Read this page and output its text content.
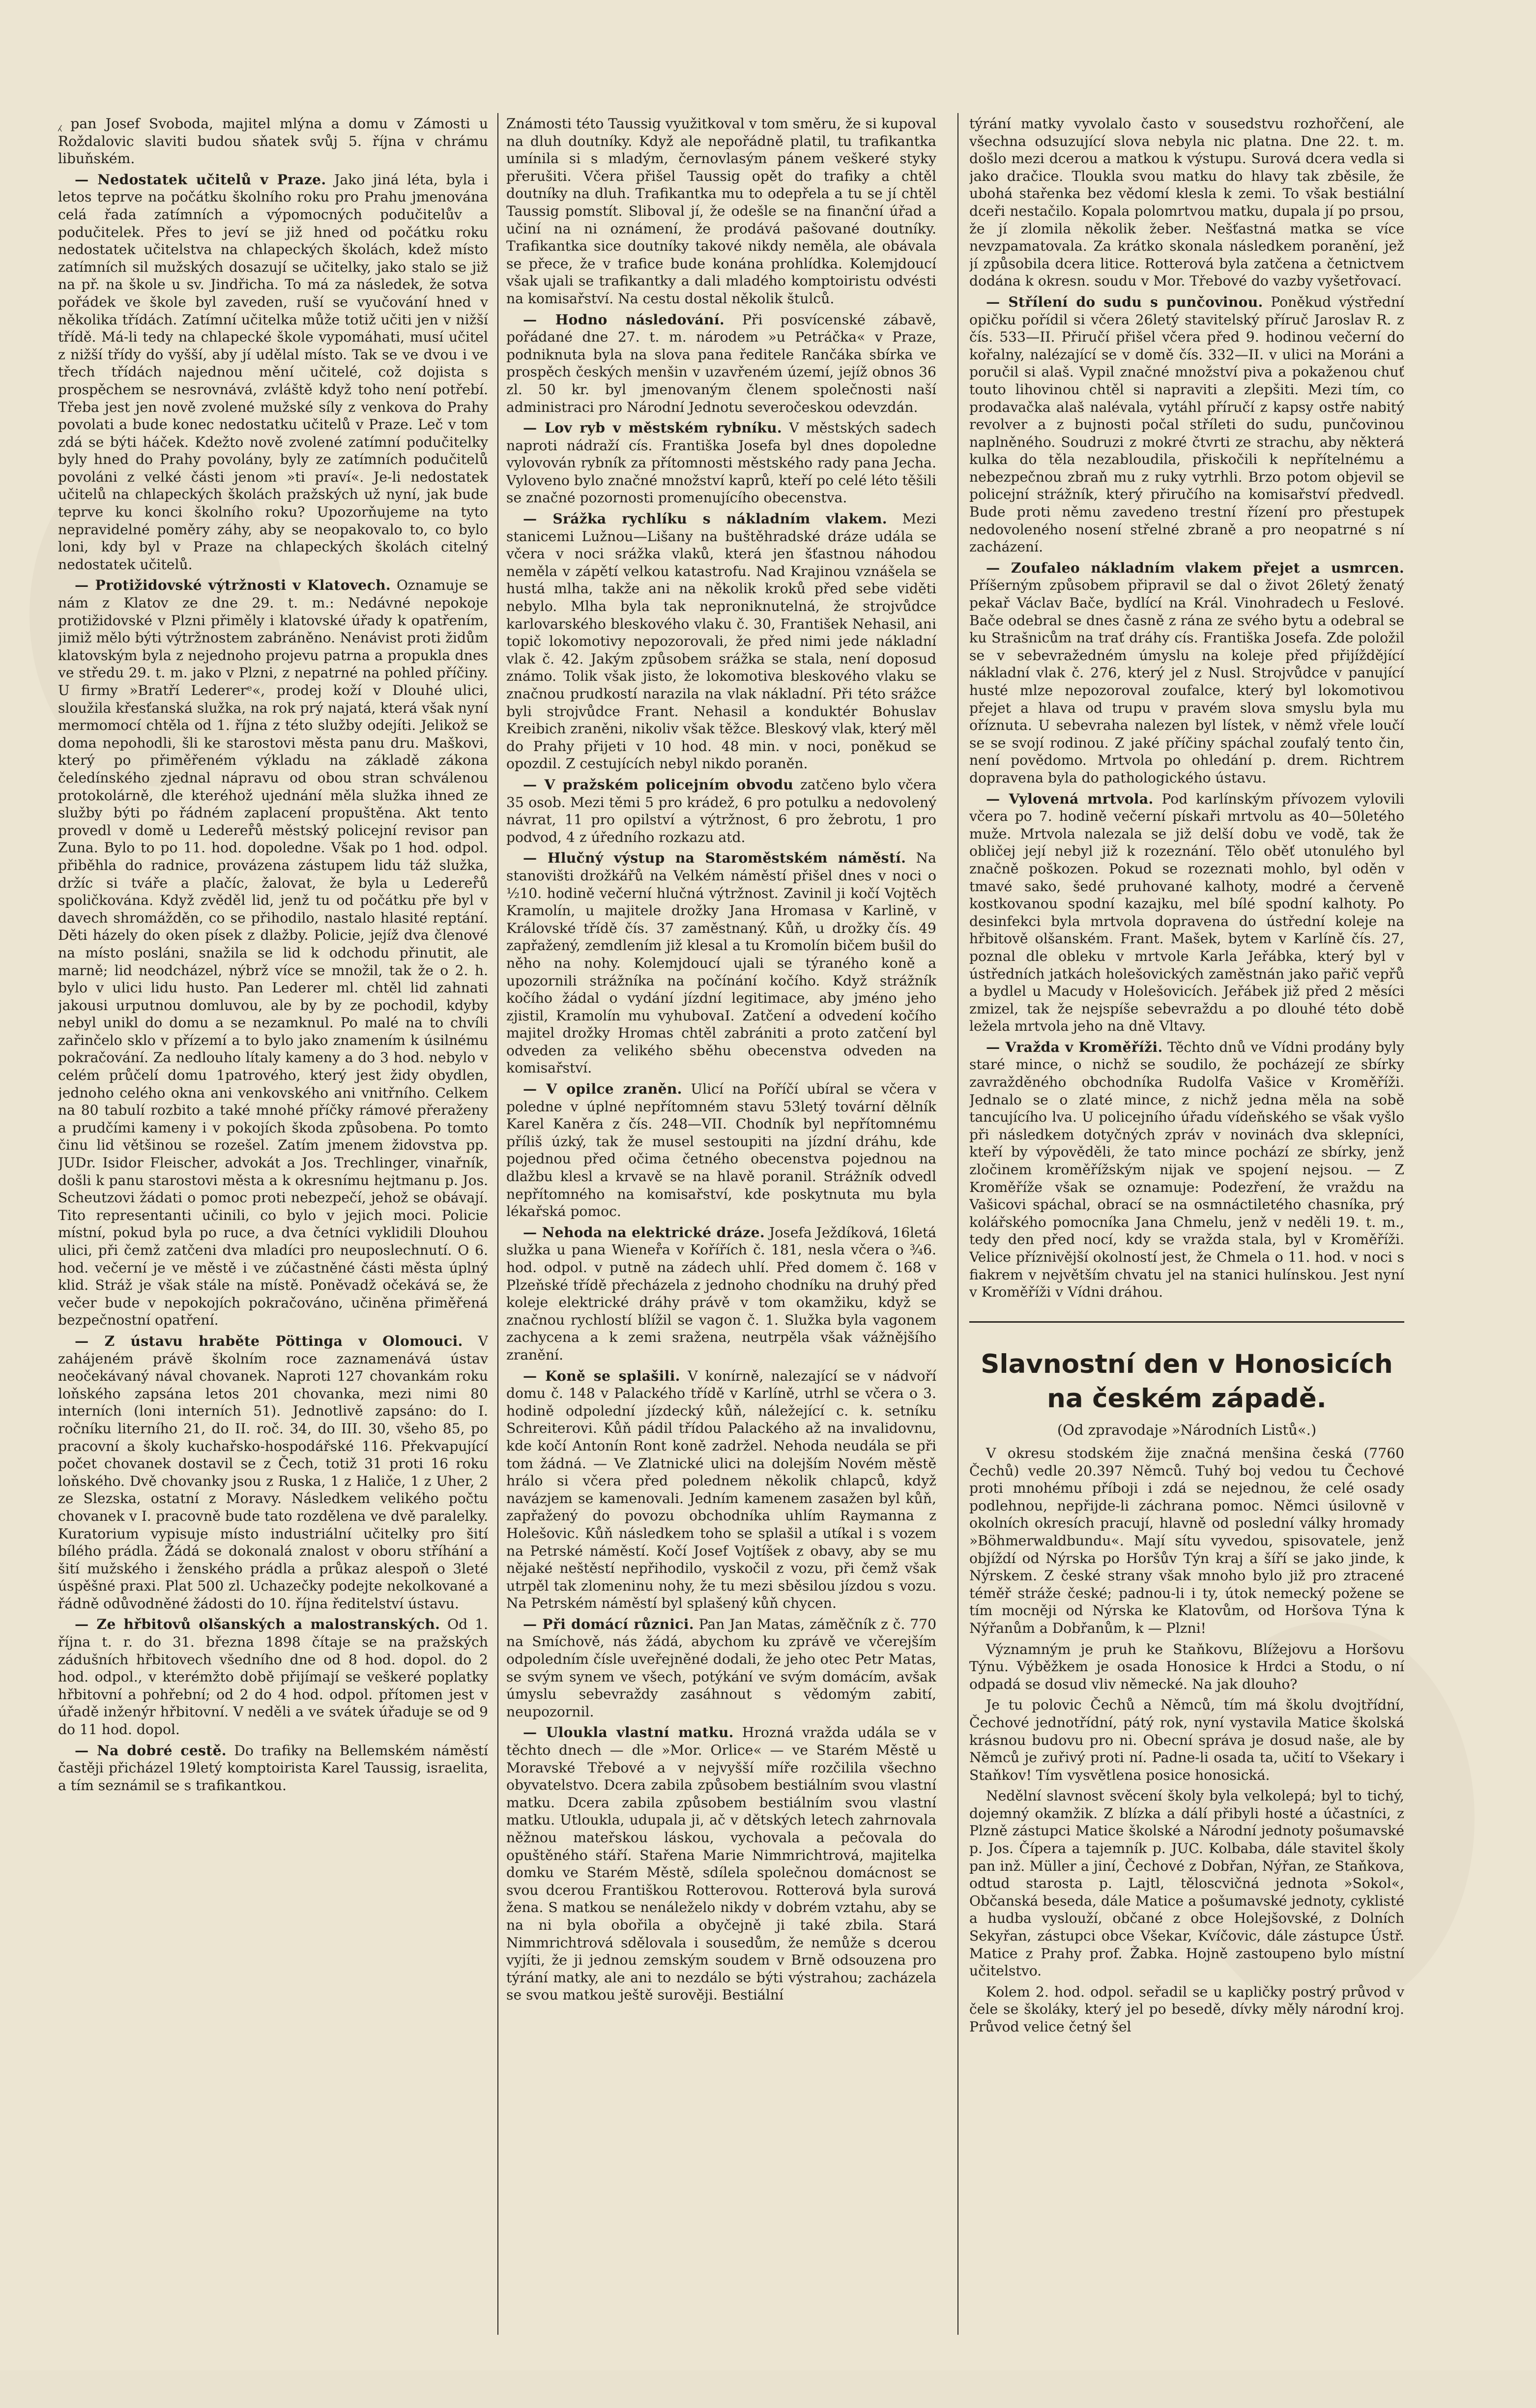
⁁ pan Josef Svoboda, majitel mlýna a domu v Zámosti u Roždalovic slaviti budou sňatek svůj 5. října v chrámu libuňském.

— Nedostatek učitelů v Praze. Jako jiná léta, byla i letos teprve na počátku školního roku pro Prahu jmenována celá řada zatímních a výpomocných podučitelův a podučitelek. Přes to jeví se již hned od počátku roku nedostatek učitelstva na chlapeckých školách, kdež místo zatímních sil mužských dosazují se učitelky, jako stalo se již na př. na škole u sv. Jindřicha. To má za následek, že sotva pořádek ve škole byl zaveden, ruší se vyučování hned v několika třídách. Zatímní učitelka může totiž učiti jen v nižší třídě. Má-li tedy na chlapecké škole vypomáhati, musí učitel z nižší třídy do vyšší, aby jí udělal místo. Tak se ve dvou i ve třech třídách najednou mění učitelé, což dojista s prospěchem se nesrovnává, zvláště když toho není potřebí. Třeba jest jen nově zvolené mužské síly z venkova do Prahy povolati a bude konec nedostatku učitelů v Praze. Leč v tom zdá se býti háček. Kdežto nově zvolené zatímní podučitelky byly hned do Prahy povolány, byly ze zatímních podučitelů povoláni z velké části jenom »ti praví«. Je-li nedostatek učitelů na chlapeckých školách pražských už nyní, jak bude teprve ku konci školního roku? Upozorňujeme na tyto nepravidelné poměry záhy, aby se neopakovalo to, co bylo loni, kdy byl v Praze na chlapeckých školách citelný nedostatek učitelů.

— Protižidovské výtržnosti v Klatovech. Oznamuje se nám z Klatov ze dne 29. t. m.: Nedávné nepokoje protižidovské v Plzni přiměly i klatovské úřady k opatřením, jimiž mělo býti výtržnostem zabráněno. Nenávist proti židům klatovským byla z nejednoho projevu patrna a propukla dnes ve středu 29. t. m. jako v Plzni, z nepatrné na pohled příčiny. U firmy »Bratří Ledererᵉ«, prodej koží v Dlouhé ulici, sloužila křesťanská služka, na rok prý najatá, která však nyní mermomocí chtěla od 1. října z této služby odejíti. Jelikož se doma nepohodli, šli ke starostovi města panu dru. Maškovi, který po přiměřeném výkladu na základě zákona čeledínského zjednal nápravu od obou stran schválenou protokolárně, dle kteréhož ujednání měla služka ihned ze služby býti po řádném zaplacení propuštěna. Akt tento provedl v domě u Lederer̊ů městský policejní revisor pan Zuna. Bylo to po 11. hod. dopoledne. Však po 1 hod. odpol. přiběhla do radnice, provázena zástupem lidu táž služka, držíc si tváře a plačíc, žalovat, že byla u Lederer̊ů spoličkována. Když zvěděl lid, jenž tu od počátku pře byl v davech shromážděn, co se přihodilo, nastalo hlasité reptání. Děti házely do oken písek z dlažby. Policie, jejíž dva členové na místo posláni, snažila se lid k odchodu přinutit, ale marně; lid neodcházel, nýbrž více se množil, tak že o 2. h. bylo v ulici lidu husto. Pan Lederer ml. chtěl lid zahnati jakousi urputnou domluvou, ale by by ze pochodil, kdyby nebyl unikl do domu a se nezamknul. Po malé na to chvíli zařinčelo sklo v přízemí a to bylo jako znamením k úsilnému pokračování. Za nedlouho lítaly kameny a do 3 hod. nebylo v celém průčelí domu 1patrového, který jest židy obydlen, jednoho celého okna ani venkovského ani vnitřního. Celkem na 80 tabulí rozbito a také mnohé příčky rámové přeraženy a prudčími kameny i v pokojích škoda způsobena. Po tomto činu lid většinou se rozešel. Zatím jmenem židovstva pp. JUDr. Isidor Fleischer, advokát a Jos. Trechlinger, vinařník, došli k panu starostovi města a k okresnímu hejtmanu p. Jos. Scheutzovi žádati o pomoc proti nebezpečí, jehož se obávají. Tito representanti učinili, co bylo v jejich moci. Policie místní, pokud byla po ruce, a dva četníci vyklidili Dlouhou ulici, při čemž zatčeni dva mladíci pro neuposlechnutí. O 6. hod. večerní je ve městě i ve zúčastněné části města úplný klid. Stráž je však stále na místě. Poněvadž očekává se, že večer bude v nepokojích pokračováno, učiněna přiměřená bezpečnostní opatření.

— Z ústavu hraběte Pöttinga v Olomouci. V zahájeném právě školním roce zaznamenává ústav neočekávaný nával chovanek. Naproti 127 chovankám roku loňského zapsána letos 201 chovanka, mezi nimi 80 interních (loni interních 51). Jednotlivě zapsáno: do I. ročníku literního 21, do II. roč. 34, do III. 30, všeho 85, po pracovní a školy kuchařsko-hospodářské 116. Překvapující počet chovanek dostavil se z Čech, totiž 31 proti 16 roku loňského. Dvě chovanky jsou z Ruska, 1 z Haliče, 1 z Uher, 2 ze Slezska, ostatní z Moravy. Následkem velikého počtu chovanek v I. pracovně bude tato rozdělena ve dvě paralelky. Kuratorium vypisuje místo industriální učitelky pro šití bílého prádla. Žádá se dokonalá znalost v oboru stříhání a šití mužského i ženského prádla a průkaz alespoň o 3leté úspěšné praxi. Plat 500 zl. Uchazečky podejte nekolkované a řádně odůvodněné žádosti do 10. října ředitelství ústavu.

— Ze hřbitovů olšanských a malostranských. Od 1. října t. r. do 31. března 1898 čítaje se na pražských zádušních hřbitovech všedního dne od 8 hod. dopol. do 2 hod. odpol., v kterémžto době přijímají se veškeré poplatky hřbitovní a pohřební; od 2 do 4 hod. odpol. přítomen jest v úřadě inženýr hřbitovní. V neděli a ve svátek úřaduje se od 9 do 11 hod. dopol.

— Na dobré cestě. Do trafiky na Bellemském náměstí častěji přicházel 19letý komptoirista Karel Taussig, israelita, a tím seznámil se s trafikantkou.

Známosti této Taussig využitkoval v tom směru, že si kupoval na dluh doutníky. Když ale nepořádně platil, tu trafikantka umínila si s mladým, černovlasým pánem veškeré styky přerušiti. Včera přišel Taussig opět do trafiky a chtěl doutníky na dluh. Trafikantka mu to odepřela a tu se jí chtěl Taussig pomstít. Sliboval jí, že odešle se na finanční úřad a učiní na ni oznámení, že prodává pašované doutníky. Trafikantka sice doutníky takové nikdy neměla, ale obávala se přece, že v trafice bude konána prohlídka. Kolemjdoucí však ujali se trafikantky a dali mladého komptoiristu odvésti na komisařství. Na cestu dostal několik štulců.

— Hodno následování. Při posvícenské zábavě, pořádané dne 27. t. m. národem »u Petráčka« v Praze, podniknuta byla na slova pana ředitele Rančáka sbírka ve prospěch českých menšin v uzavřeném území, jejíž obnos 36 zl. 50 kr. byl jmenovaným členem společnosti naší administraci pro Národní Jednotu severočeskou odevzdán.

— Lov ryb v městském rybníku. V městských sadech naproti nádraží cís. Františka Josefa byl dnes dopoledne vylovován rybník za přítomnosti městského rady pana Jecha. Vyloveno bylo značné množství kaprů, kteří po celé léto těšili se značné pozornosti promenujícího obecenstva.

— Srážka rychlíku s nákladním vlakem. Mezi stanicemi Lužnou—Lišany na buštěhradské dráze udála se včera v noci srážka vlaků, která jen šťastnou náhodou neměla v zápětí velkou katastrofu. Nad Krajinou vznášela se hustá mlha, takže ani na několik kroků před sebe viděti nebylo. Mlha byla tak neproniknutelná, že strojvůdce karlovarského bleskového vlaku č. 30, František Nehasil, ani topič lokomotivy nepozorovali, že před nimi jede nákladní vlak č. 42. Jakým způsobem srážka se stala, není doposud známo. Tolik však jisto, že lokomotiva bleskového vlaku se značnou prudkostí narazila na vlak nákladní. Při této srážce byli strojvůdce Frant. Nehasil a konduktér Bohuslav Kreibich zraněni, nikoliv však těžce. Bleskový vlak, který měl do Prahy přijeti v 10 hod. 48 min. v noci, poněkud se opozdil. Z cestujících nebyl nikdo poraněn.

— V pražském policejním obvodu zatčeno bylo včera 35 osob. Mezi těmi 5 pro krádež, 6 pro potulku a nedovolený návrat, 11 pro opilství a výtržnost, 6 pro žebrotu, 1 pro podvod, 4 z úředního rozkazu atd.

— Hlučný výstup na Staroměstském náměstí. Na stanovišti drožkářů na Velkém náměstí přišel dnes v noci o ½10. hodině večerní hlučná výtržnost. Zavinil ji kočí Vojtěch Kramolín, u majitele drožky Jana Hromasa v Karlině, v Královské třídě čís. 37 zaměstnaný. Kůň, u drožky čís. 49 zapřažený, zemdlením již klesal a tu Kromolín bičem bušil do něho na nohy. Kolemjdoucí ujali se týraného koně a upozornili strážníka na počínání kočího. Když strážník kočího žádal o vydání jízdní legitimace, aby jméno jeho zjistil, Kramolín mu vyhubovaI. Zatčení a odvedení kočího majitel drožky Hromas chtěl zabrániti a proto zatčení byl odveden za velikého sběhu obecenstva odveden na komisařství.

— V opilce zraněn. Ulicí na Poříčí ubíral se včera v poledne v úplné nepřítomném stavu 53letý tovární dělník Karel Kaněra z čís. 248—VII. Chodník byl nepřítomnému příliš úzký, tak že musel sestoupiti na jízdní dráhu, kde pojednou před očima četného obecenstva pojednou na dlažbu klesl a krvavě se na hlavě poranil. Strážník odvedl nepřítomného na komisařství, kde poskytnuta mu byla lékařská pomoc.

— Nehoda na elektrické dráze. Josefa Ježdíková, 16letá služka u pana Wiener̊a v Kořířích č. 181, nesla včera o ¾6. hod. odpol. v putně na zádech uhlí. Před domem č. 168 v Plzeňské třídě přecházela z jednoho chodníku na druhý před koleje elektrické dráhy právě v tom okamžiku, když se značnou rychlostí blížil se vagon č. 1. Služka byla vagonem zachycena a k zemi sražena, neutrpěla však vážnějšího zranění.

— Koně se splašili. V konírně, nalezající se v nádvoří domu č. 148 v Palackého třídě v Karlíně, utrhl se včera o 3. hodině odpolední jízdecký kůň, náležející c. k. setníku Schreiterovi. Kůň pádil třídou Palackého až na invalidovnu, kde kočí Antonín Ront koně zadržel. Nehoda neudála se při tom žádná. — Ve Zlatnické ulici na dolejším Novém městě hrálo si včera před polednem několik chlapců, když navázjem se kamenovali. Jedním kamenem zasažen byl kůň, zapřažený do povozu obchodníka uhlím Raymanna z Holešovic. Kůň následkem toho se splašil a utíkal i s vozem na Petrské náměstí. Kočí Josef Vojtíšek z obavy, aby se mu nějaké neštěstí nepřihodilo, vyskočil z vozu, při čemž však utrpěl tak zlomeninu nohy, že tu mezi sběsilou jízdou s vozu. Na Petrském náměstí byl splašený kůň chycen.

— Při domácí různici. Pan Jan Matas, záměčník z č. 770 na Smíchově, nás žádá, abychom ku zprávě ve včerejším odpoledním čísle uveřejněné dodali, že jeho otec Petr Matas, se svým synem ve všech, potýkání ve svým domácím, avšak úmyslu sebevraždy zasáhnout s vědomým zabití, neupozornil.

— Uloukla vlastní matku. Hrozná vražda udála se v těchto dnech — dle »Mor. Orlice« — ve Starém Městě u Moravské Třebové a v nejvyšší míře rozčilila všechno obyvatelstvo. Dcera zabila způsobem bestiálním svou vlastní matku. Dcera zabila způsobem bestiálním svou vlastní matku. Utloukla, udupala ji, ač v dětských letech zahrnovala něžnou mateřskou láskou, vychovala a pečovala do opuštěného stáří. Stařena Marie Nimmrichtrová, majitelka domku ve Starém Městě, sdílela společnou domácnost se svou dcerou Františkou Rotterovou. Rotterová byla surová žena. S matkou se nenáleželo nikdy v dobrém vztahu, aby se na ni byla obořila a obyčejně ji také zbila. Stará Nimmrichtrová sdělovala i sousedům, že nemůže s dcerou vyjíti, že ji jednou zemským soudem v Brně odsouzena pro týrání matky, ale ani to nezdálo se býti výstrahou; zacházela se svou matkou ještě surověji. Bestiální

týrání matky vyvolalo často v sousedstvu rozhořčení, ale všechna odsuzující slova nebyla nic platna. Dne 22. t. m. došlo mezi dcerou a matkou k výstupu. Surová dcera vedla si jako dračice. Tloukla svou matku do hlavy tak zběsile, že ubohá stařenka bez vědomí klesla k zemi. To však bestiální dceři nestačilo. Kopala polomrtvou matku, dupala jí po prsou, že jí zlomila několik žeber. Nešťastná matka se více nevzpamatovala. Za krátko skonala následkem poranění, jež jí způsobila dcera litice. Rotterová byla zatčena a četnictvem dodána k okresn. soudu v Mor. Třebové do vazby vyšetřovací.

— Střílení do sudu s punčovinou. Poněkud výstřední opičku pořídil si včera 26letý stavitelský příruč Jaroslav R. z čís. 533—II. Přiručí přišel včera před 9. hodinou večerní do kořalny, nalézající se v domě čís. 332—II. v ulici na Moráni a poručil si alaš. Vypil značné množství piva a pokaženou chuť touto lihovinou chtěl si napraviti a zlepšiti. Mezi tím, co prodavačka alaš nalévala, vytáhl příručí z kapsy ostře nabitý revolver a z bujnosti počal stříleti do sudu, punčovinou naplněného. Soudruzi z mokré čtvrti ze strachu, aby některá kulka do těla nezabloudila, přiskočili k nepřítelnému a nebezpečnou zbraň mu z ruky vytrhli. Brzo potom objevil se policejní strážník, který přiručího na komisařství předvedl. Bude proti němu zavedeno trestní řízení pro přestupek nedovoleného nosení střelné zbraně a pro neopatrné s ní zacházení.

— Zoufaleo nákladním vlakem přejet a usmrcen. Příšerným způsobem připravil se dal o život 26letý ženatý pekař Václav Bače, bydlící na Král. Vinohradech u Feslové. Bače odebral se dnes časně z rána ze svého bytu a odebral se ku Strašnicům na trať dráhy cís. Františka Josefa. Zde položil se v sebevražedném úmyslu na koleje před přijíždějící nákladní vlak č. 276, který jel z Nusl. Strojvůdce v panující husté mlze nepozoroval zoufalce, který byl lokomotivou přejet a hlava od trupu v pravém slova smyslu byla mu oříznuta. U sebevraha nalezen byl lístek, v němž vřele loučí se se svojí rodinou. Z jaké příčiny spáchal zoufalý tento čin, není povědomo. Mrtvola po ohledání p. drem. Richtrem dopravena byla do pathologického ústavu.

— Vylovená mrtvola. Pod karlínským přívozem vylovili včera po 7. hodině večerní pískaři mrtvolu as 40—50letého muže. Mrtvola nalezala se již delší dobu ve vodě, tak že obličej její nebyl již k rozeznání. Tělo oběť utonulého byl značně poškozen. Pokud se rozeznati mohlo, byl oděn v tmavé sako, šedé pruhované kalhoty, modré a červeně kostkovanou spodní kazajku, mel bílé spodní kalhoty. Po desinfekci byla mrtvola dopravena do ústřední koleje na hřbitově olšanském. Frant. Mašek, bytem v Karlíně čís. 27, poznal dle obleku v mrtvole Karla Jeřábka, který byl v ústředních jatkách holešovických zaměstnán jako pařič vepřů a bydlel u Macudy v Holešovicích. Jeřábek již před 2 měsíci zmizel, tak že nejspíše sebevraždu a po dlouhé této době ležela mrtvola jeho na dně Vltavy.

— Vražda v Kroměříži. Těchto dnů ve Vídni prodány byly staré mince, o nichž se soudilo, že pocházejí ze sbírky zavražděného obchodníka Rudolfa Vašice v Kroměříži. Jednalo se o zlaté mince, z nichž jedna měla na sobě tancujícího lva. U policejního úřadu vídeňského se však vyšlo při následkem dotyčných zpráv v novinách dva sklepníci, kteří by výpověděli, že tato mince pochází ze sbírky, jenž zločinem kroměřížským nijak ve spojení nejsou. — Z Kroměříže však se oznamuje: Podezření, že vraždu na Vašicovi spáchal, obrací se na osmnáctiletého chasníka, prý kolářského pomocníka Jana Chmelu, jenž v neděli 19. t. m., tedy den před nocí, kdy se vražda stala, byl v Kroměříži. Velice příznivější okolností jest, že Chmela o 11. hod. v noci s fiakrem v největším chvatu jel na stanici hulínskou. Jest nyní v Kroměříži v Vídni dráhou.

Slavnostní den v Honosicích na českém západě.
(Od zpravodaje »Národních Listů«.)

V okresu stodském žije značná menšina česká (7760 Čechů) vedle 20.397 Němců. Tuhý boj vedou tu Čechové proti mnohému příboji i zdá se nejednou, že celé osady podlehnou, nepřijde-li záchrana pomoc. Němci úsilovně v okolních okresích pracují, hlavně od poslední války hromady »Böhmerwaldbundu«. Mají sítu vyvedou, spisovatele, jenž objíždí od Nýrska po Horšův Týn kraj a šíří se jako jinde, k Nýrskem. Z české strany však mnoho bylo již pro ztracené téměř stráže české; padnou-li i ty, útok nemecký požene se tím mocněji od Nýrska ke Klatovům, od Horšova Týna k Nýřanům a Dobřanům, k — Plzni!

Významným je pruh ke Staňkovu, Blížejovu a Horšovu Týnu. Výběžkem je osada Honosice k Hrdci a Stodu, o ní odpadá se dosud vliv německé. Na jak dlouho?

Je tu polovic Čechů a Němců, tím má školu dvojtřídní, Čechové jednotřídní, pátý rok, nyní vystavila Matice školská krásnou budovu pro ni. Obecní správa je dosud naše, ale by Němců je zuřivý proti ní. Padne-li osada ta, učití to Všekary i Staňkov! Tím vysvětlena posice honosická.

Nedělní slavnost svěcení školy byla velkolepá; byl to tichý, dojemný okamžik. Z blízka a dálí přibyli hosté a účastníci, z Plzně zástupci Matice školské a Národní jednoty pošumavské p. Jos. Čípera a tajemník p. JUC. Kolbaba, dále stavitel školy pan inž. Müller a jiní, Čechové z Dobřan, Nýřan, ze Staňkova, odtud starosta p. Lajtl, těloscvičná jednota »Sokol«, Občanská beseda, dále Matice a pošumavské jednoty, cyklisté a hudba vyslouží, občané z obce Holejšovské, z Dolních Sekyřan, zástupci obce Všekar, Kvíčovic, dále zástupce Ústř. Matice z Prahy prof. Žabka. Hojně zastoupeno bylo místní učitelstvo.

Kolem 2. hod. odpol. seřadil se u kapličky postrý průvod v čele se školáky, který jel po besedě, dívky měly národní kroj. Průvod velice četný šel
